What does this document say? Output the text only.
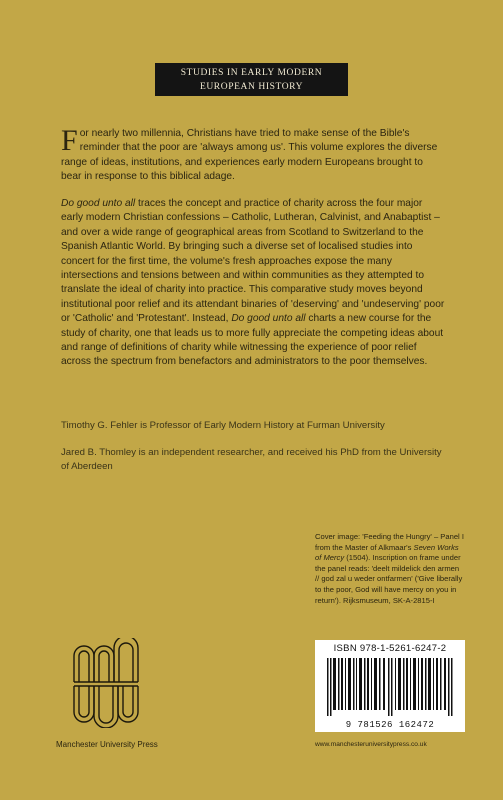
STUDIES IN EARLY MODERN
EUROPEAN HISTORY
For nearly two millennia, Christians have tried to make sense of the Bible's reminder that the poor are 'always among us'. This volume explores the diverse range of ideas, institutions, and experiences early modern Europeans brought to bear in response to this biblical adage.
Do good unto all traces the concept and practice of charity across the four major early modern Christian confessions – Catholic, Lutheran, Calvinist, and Anabaptist – and over a wide range of geographical areas from Scotland to Switzerland to the Spanish Atlantic World. By bringing such a diverse set of localised studies into concert for the first time, the volume's fresh approaches expose the many intersections and tensions between and within communities as they attempted to translate the ideal of charity into practice. This comparative study moves beyond institutional poor relief and its attendant binaries of 'deserving' and 'undeserving' poor or 'Catholic' and 'Protestant'. Instead, Do good unto all charts a new course for the study of charity, one that leads us to more fully appreciate the competing ideas about and range of definitions of charity while witnessing the experience of poor relief across the spectrum from benefactors and administrators to the poor themselves.
Timothy G. Fehler is Professor of Early Modern History at Furman University
Jared B. Thomley is an independent researcher, and received his PhD from the University of Aberdeen
Cover image: 'Feeding the Hungry' – Panel I from the Master of Alkmaar's Seven Works of Mercy (1504). Inscription on frame under the panel reads: 'deelt mildelick den armen // god zal u weder ontfarmen' ('Give liberally to the poor, God will have mercy on you in return'). Rijksmuseum, SK-A-2815-I
Manchester University Press
ISBN 978-1-5261-6247-2
9 781526 162472
www.manchesteruniversitypress.co.uk
